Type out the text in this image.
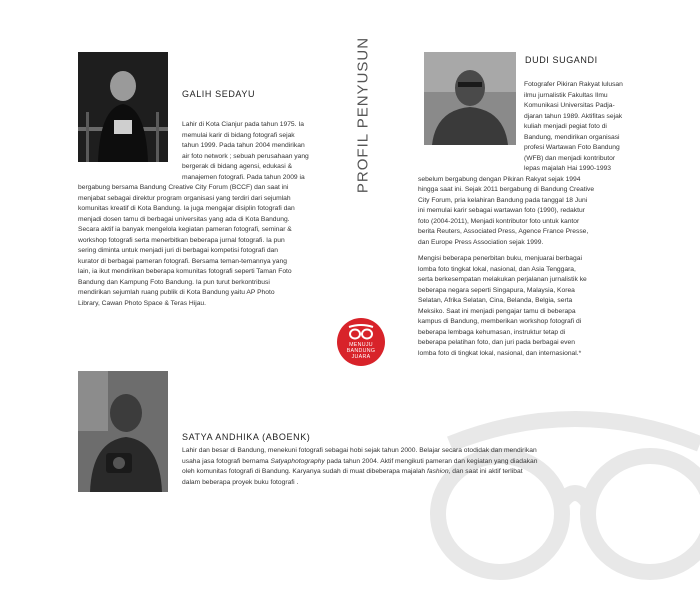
GALIH SEDAYU

Lahir di Kota Cianjur pada tahun 1975. Ia

memulai karir di bidang fotografi sejak

tahun 1999. Pada tahun 2004 mendirikan

air foto network ; sebuah perusahaan yang

bergerak di bidang agensi, edukasi &

manajemen fotografi. Pada tahun 2009 ia

bergabung bersama Bandung Creative City Forum (BCCF) dan saat ini

menjabat sebagai direktur program organisasi yang terdiri dari sejumlah

komunitas kreatif di Kota Bandung. Ia juga mengajar disiplin fotografi dan

menjadi dosen tamu di berbagai universitas yang ada di Kota Bandung.

Secara aktif ia banyak mengelola kegiatan pameran fotografi, seminar &

workshop fotografi serta menerbitkan beberapa jurnal fotografi. Ia pun

sering diminta untuk menjadi juri di berbagai kompetisi fotografi dan

kurator di berbagai pameran fotografi. Bersama teman-temannya yang

lain, ia ikut mendirikan beberapa komunitas fotografi seperti Taman Foto

Bandung dan Kampung Foto Bandung. Ia pun turut berkontribusi

mendirikan sejumlah ruang publik di Kota Bandung yaitu AP Photo

Library, Cawan Photo Space & Teras Hijau.

PROFIL PENYUSUN	DUDI SUGANDI

Fotografer Pikiran Rakyat lulusan

ilmu jurnalistik Fakultas Ilmu

Komunikasi Universitas Padja-

djaran tahun 1989. Aktifitas sejak

kuliah menjadi pegiat foto di

Bandung, mendirikan organisasi

profesi Wartawan Foto Bandung

(WFB) dan menjadi kontributor

lepas majalah Hai 1990-1993

sebelum bergabung dengan Pikiran Rakyat sejak 1994

hingga saat ini. Sejak 2011 bergabung di Bandung Creative

City Forum, pria kelahiran Bandung pada tanggal 18 Juni

ini memulai karir sebagai wartawan foto (1990), redaktur

foto (2004-2011), Menjadi kontributor foto untuk kantor

berita Reuters, Associated Press, Agence France Presse,

dan Europe Press Association sejak 1999.

Mengisi beberapa penerbitan buku, menjuarai berbagai

lomba foto tingkat lokal, nasional, dan Asia Tenggara,

serta berkesempatan melakukan perjalanan jurnalistik ke

beberapa negara seperti Singapura, Malaysia, Korea

Selatan, Afrika Selatan, Cina, Belanda, Belgia, serta

Meksiko. Saat ini menjadi pengajar tamu di beberapa

kampus di Bandung, memberikan workshop fotografi di

beberapa lembaga kehumasan, instruktur tetap di

beberapa pelatihan foto, dan juri pada berbagai even

lomba foto di tingkat lokal, nasional, dan internasional.*

MENUJU
BANDUNG
JUARA
SATYA ANDHIKA (ABOENK)

Lahir dan besar di Bandung, menekuni fotografi sebagai hobi sejak tahun 2000. Belajar secara otodidak dan mendirikan

usaha jasa fotografi bernama Satyaphotography pada tahun 2004. Aktif mengikuti pameran dan kegiatan yang diadakan

oleh komunitas fotografi di Bandung. Karyanya sudah di muat dibeberapa majalah fashion, dan saat ini aktif terlibat

dalam beberapa proyek buku fotografi .
